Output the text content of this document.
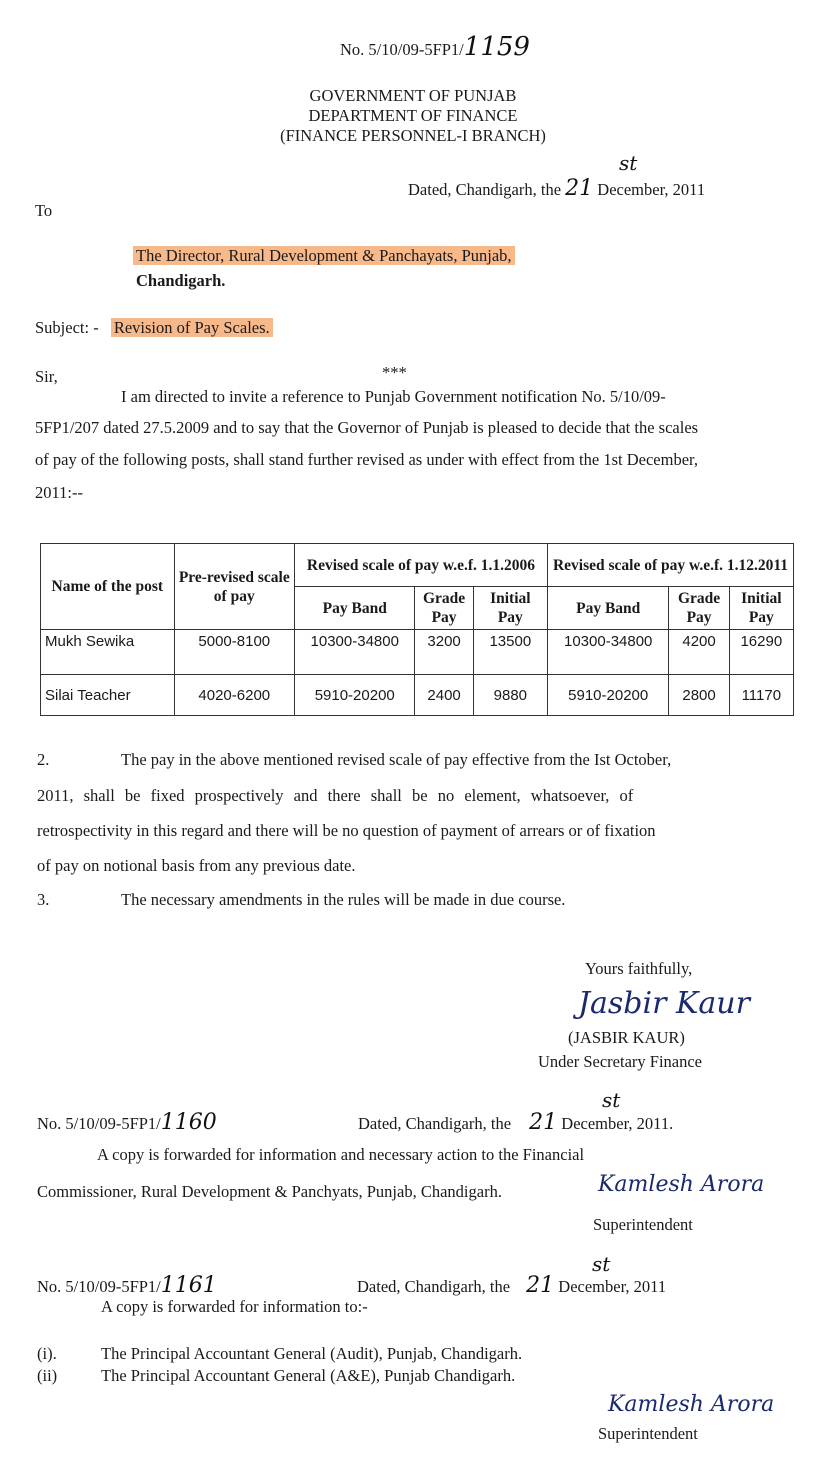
No. 5/10/09-5FP1/1159
GOVERNMENT OF PUNJAB
DEPARTMENT OF FINANCE
(FINANCE PERSONNEL-I BRANCH)
st
Dated, Chandigarh, the 21 December, 2011
To
The Director, Rural Development & Panchayats, Punjab,
Chandigarh.
Subject: - Revision of Pay Scales.
Sir,	***
I am directed to invite a reference to Punjab Government notification No. 5/10/09-
5FP1/207 dated 27.5.2009 and to say that the Governor of Punjab is pleased to decide that the scales
of pay of the following posts, shall stand further revised as under with effect from the 1st December,
2011:--
Name of the post	Pre-revised scale of pay	Revised scale of pay w.e.f. 1.1.2006			Revised scale of pay w.e.f. 1.12.2011		
		Pay Band	Grade Pay	Initial Pay	Pay Band	Grade Pay	Initial Pay
Mukh Sewika	5000-8100	10300-34800	3200	13500	10300-34800	4200	16290
Silai Teacher	4020-6200	5910-20200	2400	9880	5910-20200	2800	11170
2.	The pay in the above mentioned revised scale of pay effective from the Ist October,
2011, shall be fixed prospectively and there shall be no element, whatsoever, of
retrospectivity in this regard and there will be no question of payment of arrears or of fixation
of pay on notional basis from any previous date.
3.	The necessary amendments in the rules will be made in due course.
Yours faithfully,
Jasbir Kaur
(JASBIR KAUR)
Under Secretary Finance
No. 5/10/09-5FP1/1160
st
Dated, Chandigarh, the 21 December, 2011.
A copy is forwarded for information and necessary action to the Financial
Commissioner, Rural Development & Panchyats, Punjab, Chandigarh.	Kamlesh Arora
Superintendent
No. 5/10/09-5FP1/1161
st
Dated, Chandigarh, the 21 December, 2011
A copy is forwarded for information to:-
(i).	The Principal Accountant General (Audit), Punjab, Chandigarh.
(ii)	The Principal Accountant General (A&E), Punjab Chandigarh.
Kamlesh Arora
Superintendent
